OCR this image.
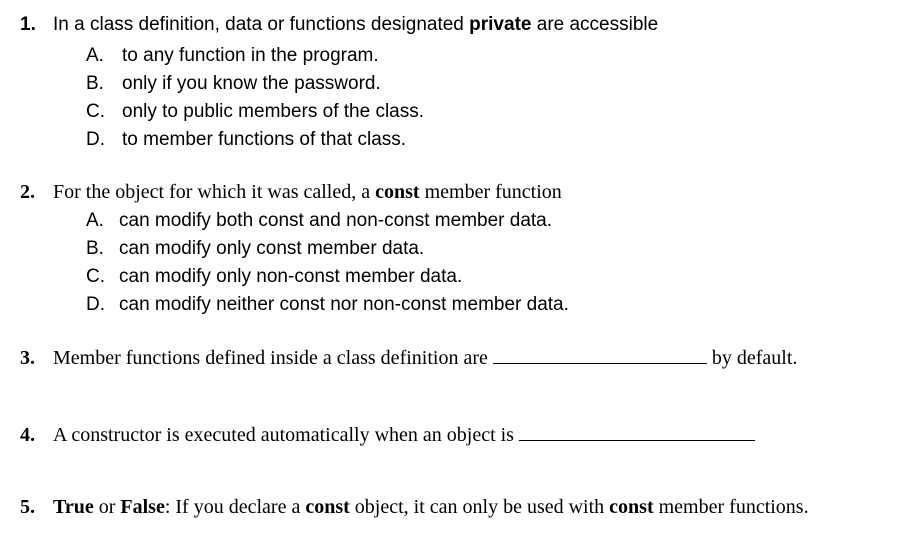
1. In a class definition, data or functions designated private are accessible
A. to any function in the program.
B. only if you know the password.
C. only to public members of the class.
D. to member functions of that class.
2. For the object for which it was called, a const member function
A. can modify both const and non-const member data.
B. can modify only const member data.
C. can modify only non-const member data.
D. can modify neither const nor non-const member data.
3. Member functions defined inside a class definition are	by default.
4. A constructor is executed automatically when an object is
5. True or False: If you declare a const object, it can only be used with const member functions.
